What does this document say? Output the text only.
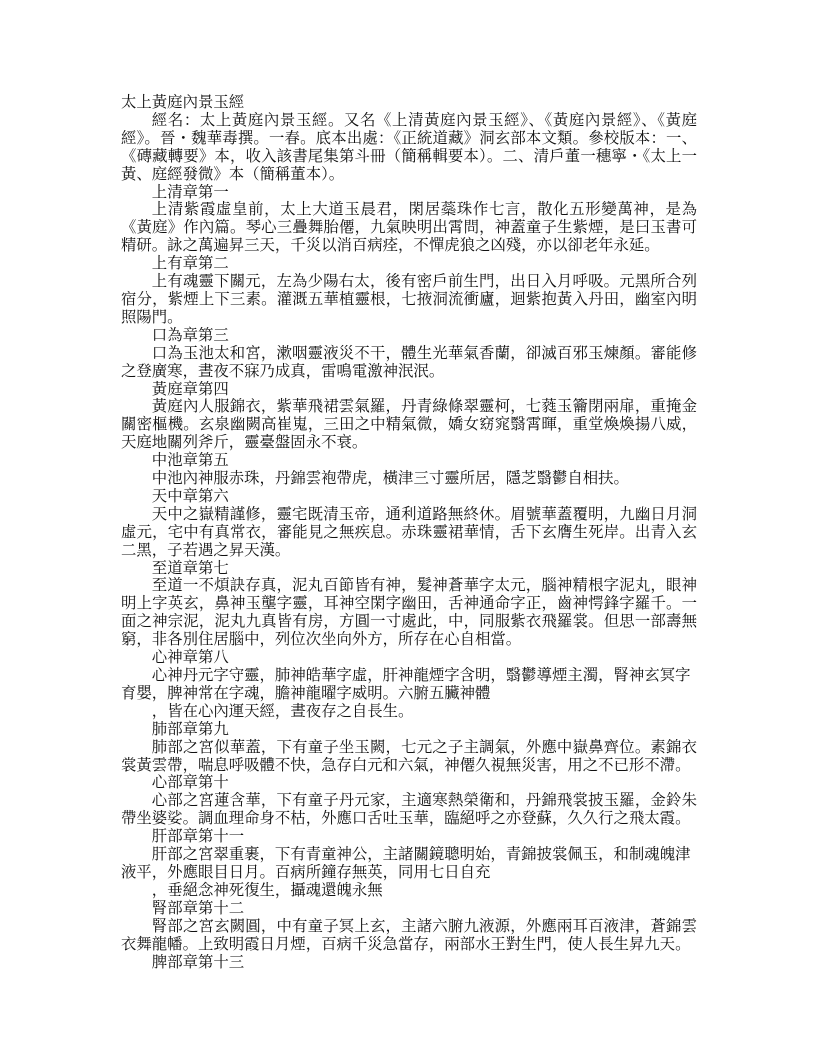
太上黃庭內景玉經

經名：太上黃庭內景玉經。又名《上清黃庭內景玉經》、《黃庭內景經》、《黃庭經》。晉・魏華毒撰。一春。底本出處：《正統道藏》洞玄部本文類。參校版本：一、《磚藏轉要》本，收入該書尾集第斗冊（簡稱輯要本）。二、清戶董一穗寧・《太上一黃、庭經發微》本（簡稱董本）。

上清章第一

上清紫霞虛皇前，太上大道玉晨君，閑居蘂珠作七言，散化五形變萬神，是為《黃庭》作內篇。琴心三疊舞胎僊，九氣映明出霄問，神蓋童子生紫煙，是曰玉書可精研。詠之萬遍昇三天，千災以消百病痊，不憚虎狼之凶殘，亦以卻老年永延。

上有章第二

上有魂靈下關元，左為少陽右太，後有密戶前生門，出日入月呼吸。元黑所合列宿分，紫煙上下三素。灌溉五華植靈根，七掖洞流衝廬，迴紫抱黃入丹田，幽室內明照陽門。

口為章第三

口為玉池太和宮，漱咽靈液災不干，體生光華氣香蘭，卻滅百邪玉煉顏。審能修之登廣寒，晝夜不寐乃成真，雷鳴電激神泯泯。

黃庭章第四

黃庭內人服錦衣，紫華飛裙雲氣羅，丹青綠條翠靈柯，七蕤玉籥閉兩扉，重掩金關密樞機。玄泉幽闕高崔嵬，三田之中精氣微，嬌女窈窕翳霄暉，重堂煥煥揚八威，天庭地關列斧斤，靈臺盤固永不衰。

中池章第五

中池內神服赤珠，丹錦雲袍帶虎，橫津三寸靈所居，隱芝翳鬱自相扶。

天中章第六

天中之嶽精謹修，靈宅既清玉帝，通利道路無終休。眉號華蓋覆明，九幽日月洞虛元，宅中有真常衣，審能見之無疾息。赤珠靈裙華情，舌下玄膺生死岸。出青入玄二黑，子若遇之昇天漢。

至道章第七

至道一不煩訣存真，泥丸百節皆有神，髮神蒼華字太元，腦神精根字泥丸，眼神明上字英玄，鼻神玉壟字靈，耳神空閑字幽田，舌神通命字正，齒神愕鋒字羅千。一面之神宗泥，泥丸九真皆有房，方圓一寸處此，中，同服紫衣飛羅裳。但思一部壽無窮，非各別住居腦中，列位次坐向外方，所存在心自相當。

心神章第八

心神丹元字守靈，肺神皓華字虛，肝神龍煙字含明，翳鬱導煙主濁，腎神玄冥字育嬰，脾神常在字魂，膽神龍曜字威明。六腑五臟神體

，皆在心內運天經，晝夜存之自長生。

肺部章第九

肺部之宮似華蓋，下有童子坐玉闕，七元之子主調氣，外應中嶽鼻齊位。素錦衣裳黃雲帶，喘息呼吸體不快，急存白元和六氣，神僊久視無災害，用之不已形不滯。

心部章第十

心部之宮蓮含華，下有童子丹元家，主適寒熱榮衛和，丹錦飛裳披玉羅，金鈴朱帶坐婆娑。調血理命身不枯，外應口舌吐玉華，臨絕呼之亦登蘇，久久行之飛太霞。

肝部章第十一

肝部之宮翠重裹，下有青童神公，主諸關鏡聰明始，青錦披裳佩玉，和制魂魄津液平，外應眼目日月。百病所鐘存無英，同用七日自充

，垂絕念神死復生，攝魂還魄永無

腎部章第十二

腎部之宮玄闕圓，中有童子冥上玄，主諸六腑九液源，外應兩耳百液津，蒼錦雲衣舞龍幡。上致明霞日月煙，百病千災急當存，兩部水王對生門，使人長生昇九天。

脾部章第十三
